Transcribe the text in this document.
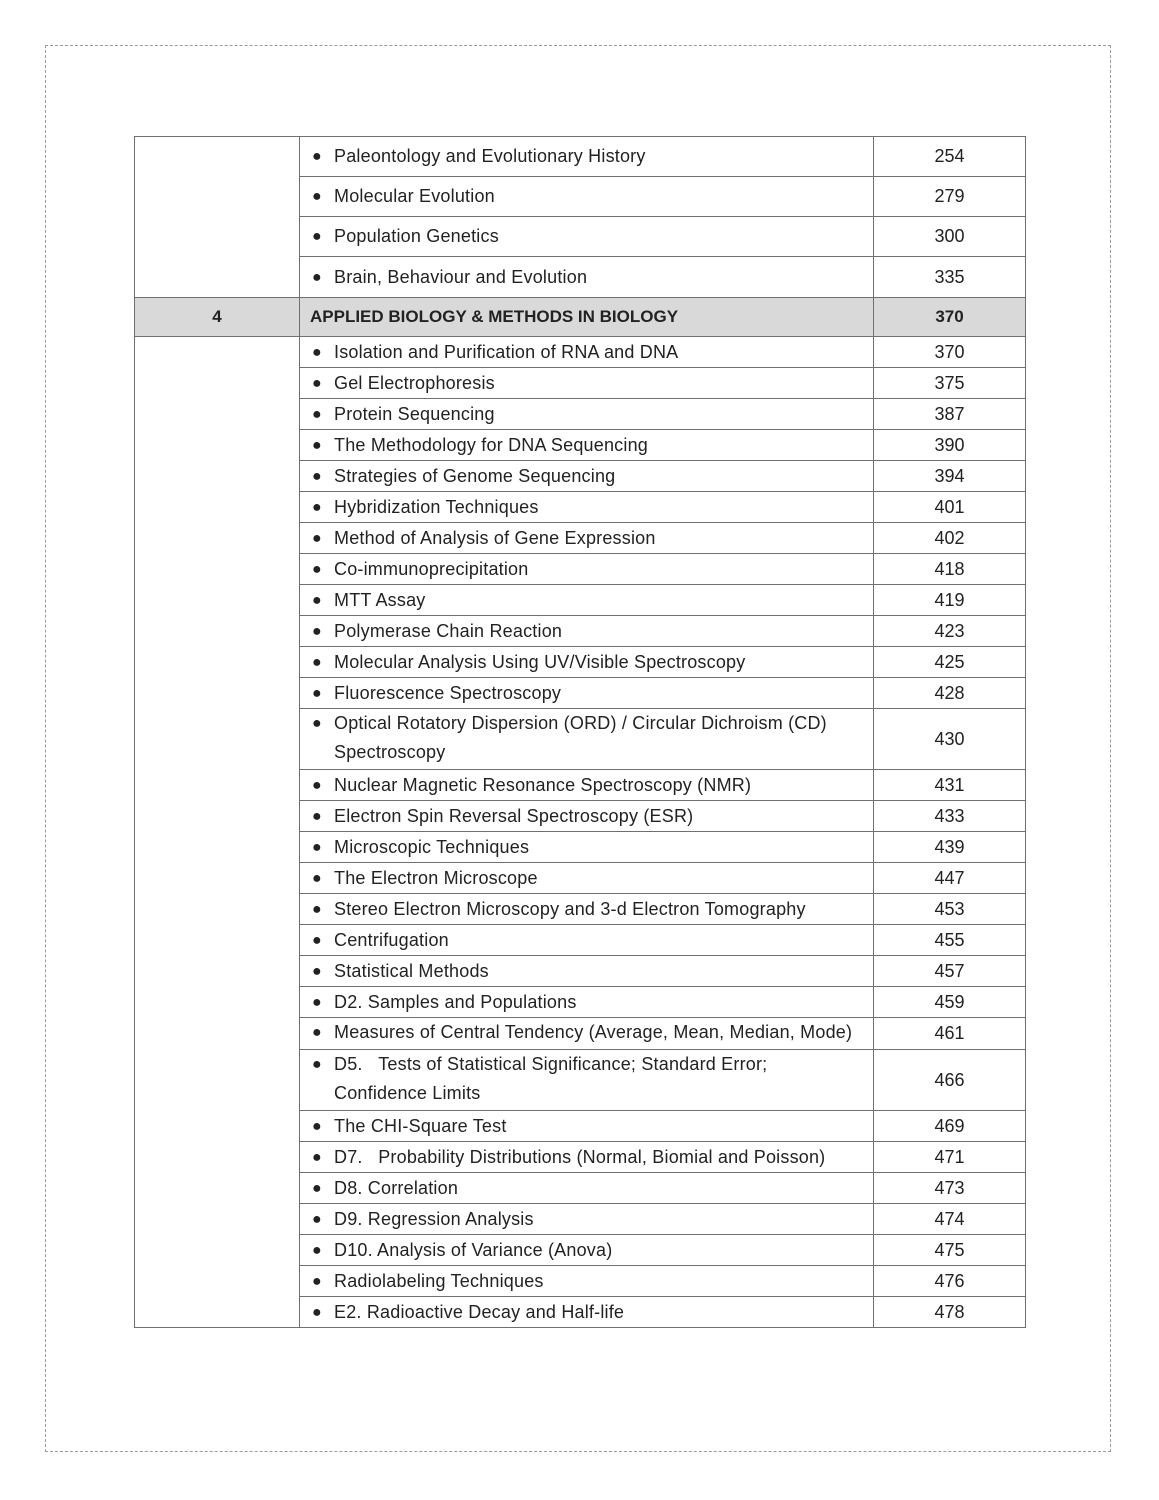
	● Paleontology and Evolutionary History	254

	● Molecular Evolution	279

	● Population Genetics	300

	● Brain, Behaviour and Evolution	335

4	APPLIED BIOLOGY & METHODS IN BIOLOGY	370

	● Isolation and Purification of RNA and DNA	370

	● Gel Electrophoresis	375

	● Protein Sequencing	387

	● The Methodology for DNA Sequencing	390

	● Strategies of Genome Sequencing	394

	● Hybridization Techniques	401

	● Method of Analysis of Gene Expression	402

	● Co-immunoprecipitation	418

	● MTT Assay	419

	● Polymerase Chain Reaction	423

	● Molecular Analysis Using UV/Visible Spectroscopy	425

	● Fluorescence Spectroscopy	428

	● Optical Rotatory Dispersion (ORD) / Circular Dichroism (CD) Spectroscopy	430

	● Nuclear Magnetic Resonance Spectroscopy (NMR)	431

	● Electron Spin Reversal Spectroscopy (ESR)	433

	● Microscopic Techniques	439

	● The Electron Microscope	447

	● Stereo Electron Microscopy and 3-d Electron Tomography	453

	● Centrifugation	455

	● Statistical Methods	457

	● D2. Samples and Populations	459

	● Measures of Central Tendency (Average, Mean, Median, Mode)	461

	● D5.   Tests of Statistical Significance; Standard Error; Confidence Limits	466

	● The CHI-Square Test	469

	● D7.   Probability Distributions (Normal, Biomial and Poisson)	471

	● D8. Correlation	473

	● D9. Regression Analysis	474

	● D10. Analysis of Variance (Anova)	475

	● Radiolabeling Techniques	476

	● E2. Radioactive Decay and Half-life	478
